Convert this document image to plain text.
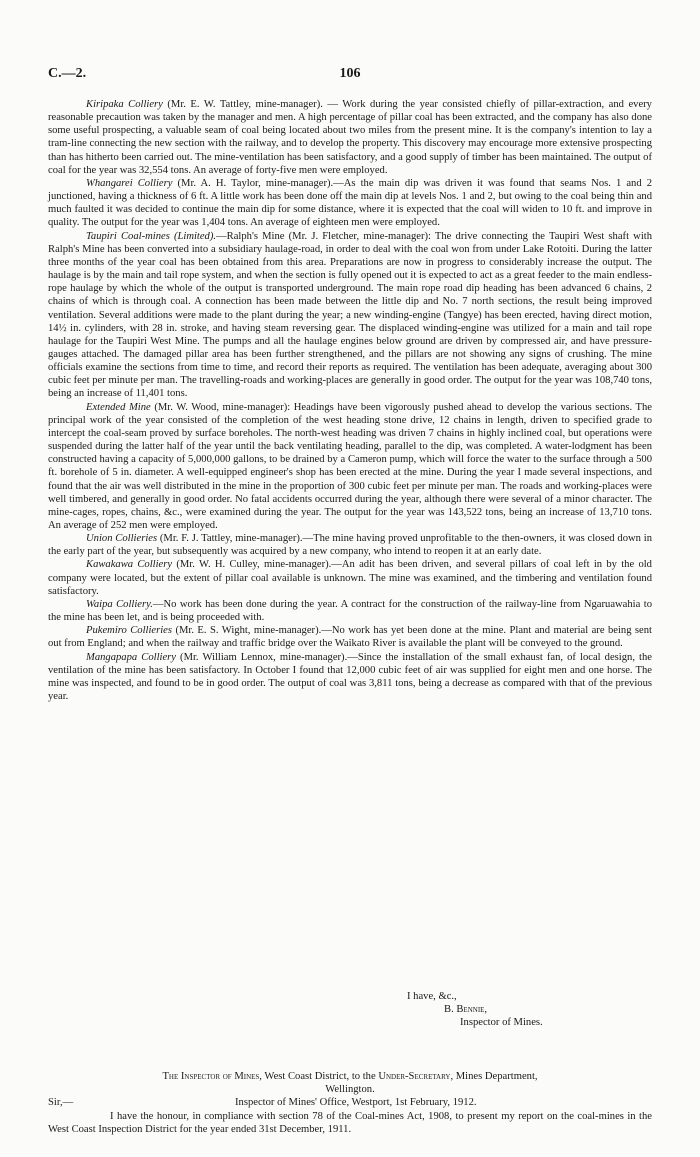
C.—2.	106

Kiripaka Colliery (Mr. E. W. Tattley, mine-manager). — Work during the year consisted chiefly of pillar-extraction, and every reasonable precaution was taken by the manager and men. A high percentage of pillar coal has been extracted, and the company has also done some useful prospecting, a valuable seam of coal being located about two miles from the present mine. It is the company's intention to lay a tram-line connecting the new section with the railway, and to develop the property. This discovery may encourage more extensive prospecting than has hitherto been carried out. The mine-ventilation has been satisfactory, and a good supply of timber has been maintained. The output of coal for the year was 32,554 tons. An average of forty-five men were employed.

Whangarei Colliery (Mr. A. H. Taylor, mine-manager).—As the main dip was driven it was found that seams Nos. 1 and 2 junctioned, having a thickness of 6 ft. A little work has been done off the main dip at levels Nos. 1 and 2, but owing to the coal being thin and much faulted it was decided to continue the main dip for some distance, where it is expected that the coal will widen to 10 ft. and improve in quality. The output for the year was 1,404 tons. An average of eighteen men were employed.

Taupiri Coal-mines (Limited).—Ralph's Mine (Mr. J. Fletcher, mine-manager): The drive connecting the Taupiri West shaft with Ralph's Mine has been converted into a subsidiary haulage-road, in order to deal with the coal won from under Lake Rotoiti. During the latter three months of the year coal has been obtained from this area. Preparations are now in progress to considerably increase the output. The haulage is by the main and tail rope system, and when the section is fully opened out it is expected to act as a great feeder to the main endless-rope haulage by which the whole of the output is transported underground. The main rope road dip heading has been advanced 6 chains, 2 chains of which is through coal. A connection has been made between the little dip and No. 7 north sections, the result being improved ventilation. Several additions were made to the plant during the year; a new winding-engine (Tangye) has been erected, having direct motion, 14½ in. cylinders, with 28 in. stroke, and having steam reversing gear. The displaced winding-engine was utilized for a main and tail rope haulage for the Taupiri West Mine. The pumps and all the haulage engines below ground are driven by compressed air, and have pressure-gauges attached. The damaged pillar area has been further strengthened, and the pillars are not showing any signs of crushing. The mine officials examine the sections from time to time, and record their reports as required. The ventilation has been adequate, averaging about 300 cubic feet per minute per man. The travelling-roads and working-places are generally in good order. The output for the year was 108,740 tons, being an increase of 11,401 tons.

Extended Mine (Mr. W. Wood, mine-manager): Headings have been vigorously pushed ahead to develop the various sections. The principal work of the year consisted of the completion of the west heading stone drive, 12 chains in length, driven to specified grade to intercept the coal-seam proved by surface boreholes. The north-west heading was driven 7 chains in highly inclined coal, but operations were suspended during the latter half of the year until the back ventilating heading, parallel to the dip, was completed. A water-lodgment has been constructed having a capacity of 5,000,000 gallons, to be drained by a Cameron pump, which will force the water to the surface through a 500 ft. borehole of 5 in. diameter. A well-equipped engineer's shop has been erected at the mine. During the year I made several inspections, and found that the air was well distributed in the mine in the proportion of 300 cubic feet per minute per man. The roads and working-places were well timbered, and generally in good order. No fatal accidents occurred during the year, although there were several of a minor character. The mine-cages, ropes, chains, &c., were examined during the year. The output for the year was 143,522 tons, being an increase of 13,710 tons. An average of 252 men were employed.

Union Collieries (Mr. F. J. Tattley, mine-manager).—The mine having proved unprofitable to the then-owners, it was closed down in the early part of the year, but subsequently was acquired by a new company, who intend to reopen it at an early date.

Kawakawa Colliery (Mr. W. H. Culley, mine-manager).—An adit has been driven, and several pillars of coal left in by the old company were located, but the extent of pillar coal available is unknown. The mine was examined, and the timbering and ventilation found satisfactory.

Waipa Colliery.—No work has been done during the year. A contract for the construction of the railway-line from Ngaruawahia to the mine has been let, and is being proceeded with.

Pukemiro Collieries (Mr. E. S. Wight, mine-manager).—No work has yet been done at the mine. Plant and material are being sent out from England; and when the railway and traffic bridge over the Waikato River is available the plant will be conveyed to the ground.

Mangapapa Colliery (Mr. William Lennox, mine-manager).—Since the installation of the small exhaust fan, of local design, the ventilation of the mine has been satisfactory. In October I found that 12,000 cubic feet of air was supplied for eight men and one horse. The mine was inspected, and found to be in good order. The output of coal was 3,811 tons, being a decrease as compared with that of the previous year.

I have, &c.,
B. Bennie,
Inspector of Mines.
The Inspector of Mines, West Coast District, to the Under-Secretary, Mines Department,
Wellington.
Sir,—	Inspector of Mines' Office, Westport, 1st February, 1912.

I have the honour, in compliance with section 78 of the Coal-mines Act, 1908, to present my report on the coal-mines in the West Coast Inspection District for the year ended 31st December, 1911.
